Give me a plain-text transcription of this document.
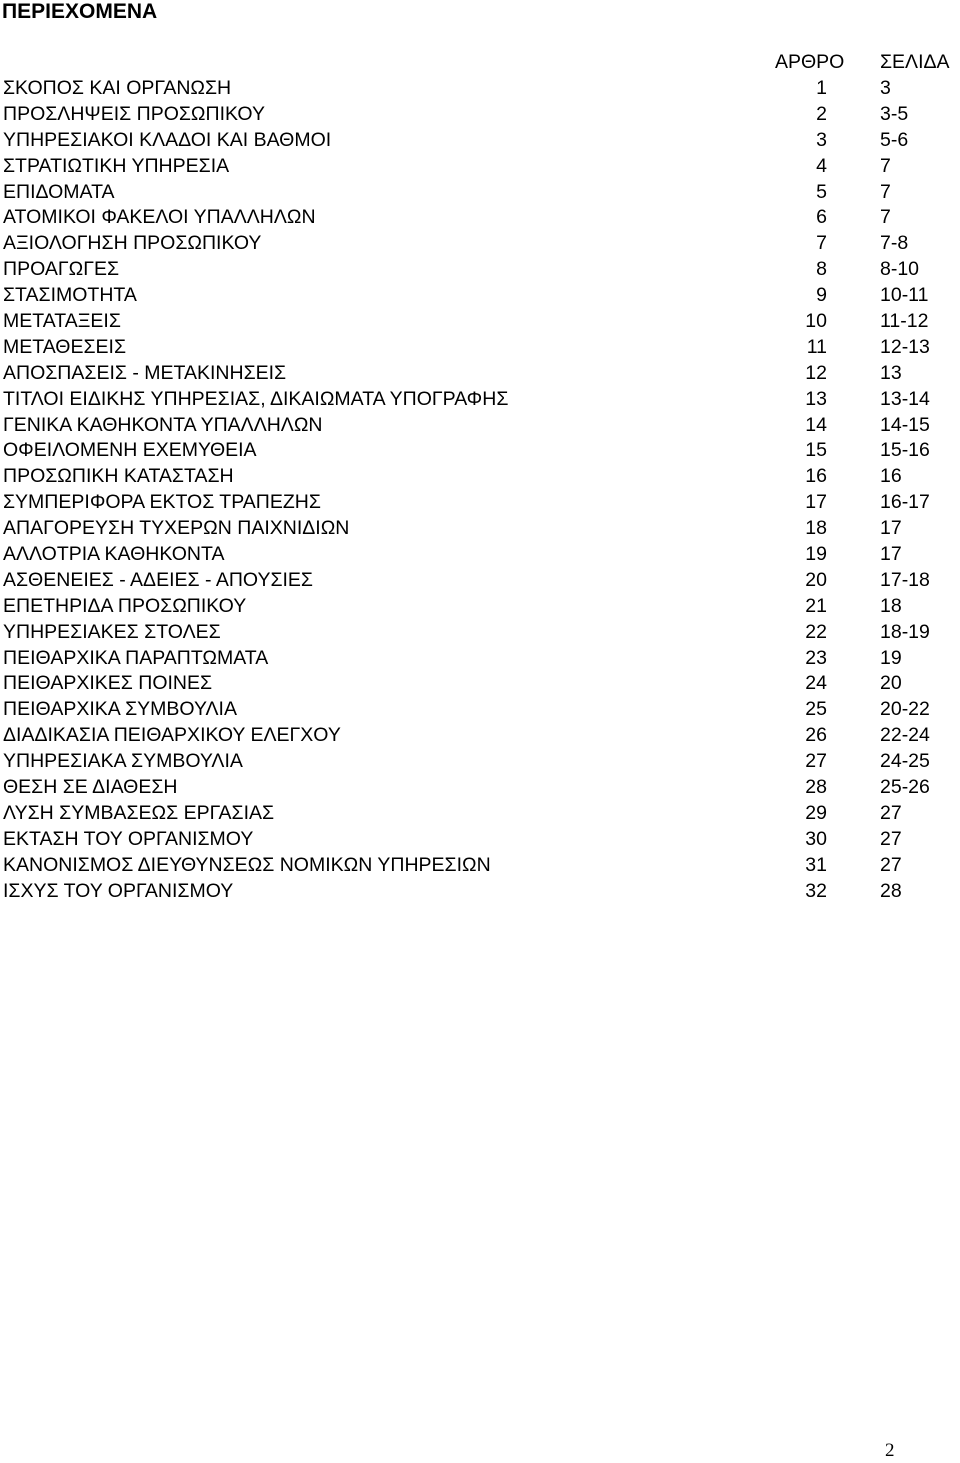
ΠΕΡΙΕΧΟΜΕΝΑ
ΑΡΘΡΟ ΣΕΛΙΔΑ
ΣΚΟΠΟΣ ΚΑΙ ΟΡΓΑΝΩΣΗ	1	3
ΠΡΟΣΛΗΨΕΙΣ ΠΡΟΣΩΠΙΚΟΥ	2	3-5
ΥΠΗΡΕΣΙΑΚΟΙ ΚΛΑΔΟΙ ΚΑΙ ΒΑΘΜΟΙ	3	5-6
ΣΤΡΑΤΙΩΤΙΚΗ ΥΠΗΡΕΣΙΑ	4	7
ΕΠΙΔΟΜΑΤΑ	5	7
ΑΤΟΜΙΚΟΙ ΦΑΚΕΛΟΙ ΥΠΑΛΛΗΛΩΝ	6	7
ΑΞΙΟΛΟΓΗΣΗ ΠΡΟΣΩΠΙΚΟΥ	7	7-8
ΠΡΟΑΓΩΓΕΣ	8	8-10
ΣΤΑΣΙΜΟΤΗΤΑ	9	10-11
ΜΕΤΑΤΑΞΕΙΣ	10	11-12
ΜΕΤΑΘΕΣΕΙΣ	11	12-13
ΑΠΟΣΠΑΣΕΙΣ - ΜΕΤΑΚΙΝΗΣΕΙΣ	12	13
ΤΙΤΛΟΙ ΕΙΔΙΚΗΣ ΥΠΗΡΕΣΙΑΣ, ΔΙΚΑΙΩΜΑΤΑ ΥΠΟΓΡΑΦΗΣ	13	13-14
ΓΕΝΙΚΑ ΚΑΘΗΚΟΝΤΑ ΥΠΑΛΛΗΛΩΝ	14	14-15
ΟΦΕΙΛΟΜΕΝΗ ΕΧΕΜΥΘΕΙΑ	15	15-16
ΠΡΟΣΩΠΙΚΗ ΚΑΤΑΣΤΑΣΗ	16	16
ΣΥΜΠΕΡΙΦΟΡΑ ΕΚΤΟΣ ΤΡΑΠΕΖΗΣ	17	16-17
ΑΠΑΓΟΡΕΥΣΗ ΤΥΧΕΡΩΝ ΠΑΙΧΝΙΔΙΩΝ	18	17
ΑΛΛΟΤΡΙΑ ΚΑΘΗΚΟΝΤΑ	19	17
ΑΣΘΕΝΕΙΕΣ - ΑΔΕΙΕΣ - ΑΠΟΥΣΙΕΣ	20	17-18
ΕΠΕΤΗΡΙΔΑ ΠΡΟΣΩΠΙΚΟΥ	21	18
ΥΠΗΡΕΣΙΑΚΕΣ ΣΤΟΛΕΣ	22	18-19
ΠΕΙΘΑΡΧΙΚΑ ΠΑΡΑΠΤΩΜΑΤΑ	23	19
ΠΕΙΘΑΡΧΙΚΕΣ ΠΟΙΝΕΣ	24	20
ΠΕΙΘΑΡΧΙΚΑ ΣΥΜΒΟΥΛΙΑ	25	20-22
ΔΙΑΔΙΚΑΣΙΑ ΠΕΙΘΑΡΧΙΚΟΥ ΕΛΕΓΧΟΥ	26	22-24
ΥΠΗΡΕΣΙΑΚΑ ΣΥΜΒΟΥΛΙΑ	27	24-25
ΘΕΣΗ ΣΕ ΔΙΑΘΕΣΗ	28	25-26
ΛΥΣΗ ΣΥΜΒΑΣΕΩΣ ΕΡΓΑΣΙΑΣ	29	27
ΕΚΤΑΣΗ ΤΟΥ ΟΡΓΑΝΙΣΜΟΥ	30	27
ΚΑΝΟΝΙΣΜΟΣ ΔΙΕΥΘΥΝΣΕΩΣ ΝΟΜΙΚΩΝ ΥΠΗΡΕΣΙΩΝ	31	27
ΙΣΧΥΣ ΤΟΥ ΟΡΓΑΝΙΣΜΟΥ	32	28
2
